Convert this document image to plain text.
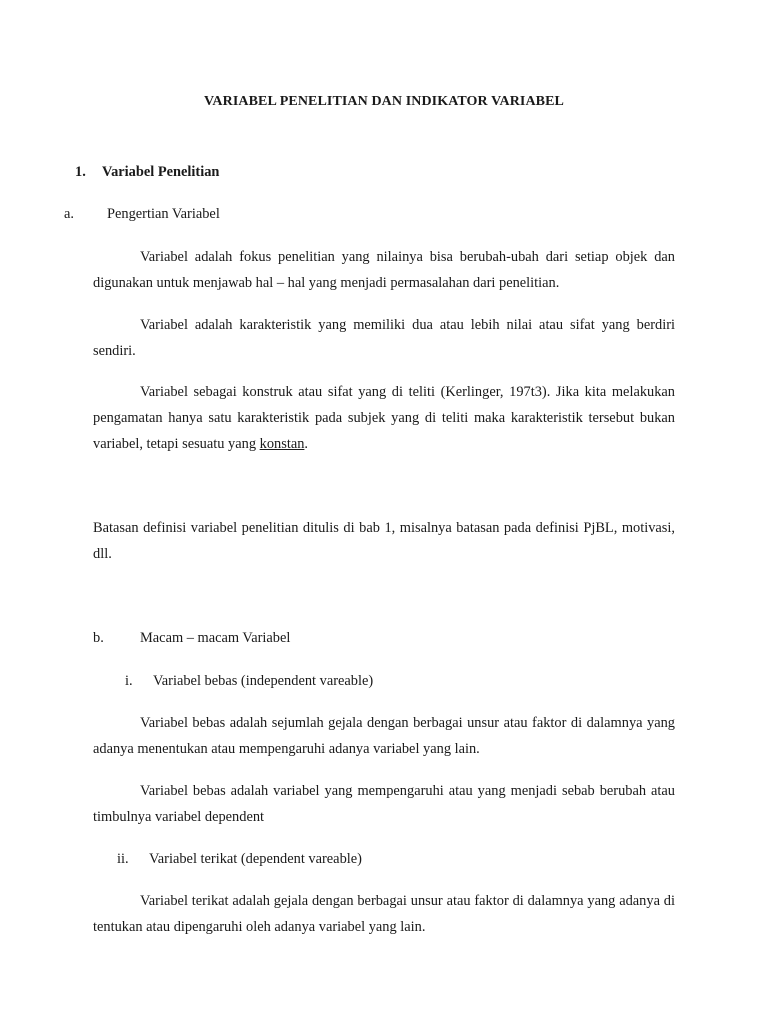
VARIABEL PENELITIAN DAN INDIKATOR VARIABEL
1. Variabel Penelitian
a. Pengertian Variabel
Variabel adalah fokus penelitian yang nilainya bisa berubah-ubah dari setiap objek dan digunakan untuk menjawab hal – hal yang menjadi permasalahan dari penelitian.
Variabel adalah karakteristik yang memiliki dua atau lebih nilai atau sifat yang berdiri sendiri.
Variabel sebagai konstruk atau sifat yang di teliti (Kerlinger, 197t3). Jika kita melakukan pengamatan hanya satu karakteristik pada subjek yang di teliti maka karakteristik tersebut bukan variabel, tetapi sesuatu yang konstan.
Batasan definisi variabel penelitian ditulis di bab 1, misalnya batasan pada definisi PjBL, motivasi, dll.
b.	Macam – macam Variabel
i. Variabel bebas (independent vareable)
Variabel bebas adalah sejumlah gejala dengan berbagai unsur atau faktor di dalamnya yang adanya menentukan atau mempengaruhi adanya variabel yang lain.
Variabel bebas adalah variabel yang mempengaruhi atau yang menjadi sebab berubah atau timbulnya variabel dependent
ii. Variabel terikat (dependent vareable)
Variabel terikat adalah gejala dengan berbagai unsur atau faktor di dalamnya yang adanya di tentukan atau dipengaruhi oleh adanya variabel yang lain.
